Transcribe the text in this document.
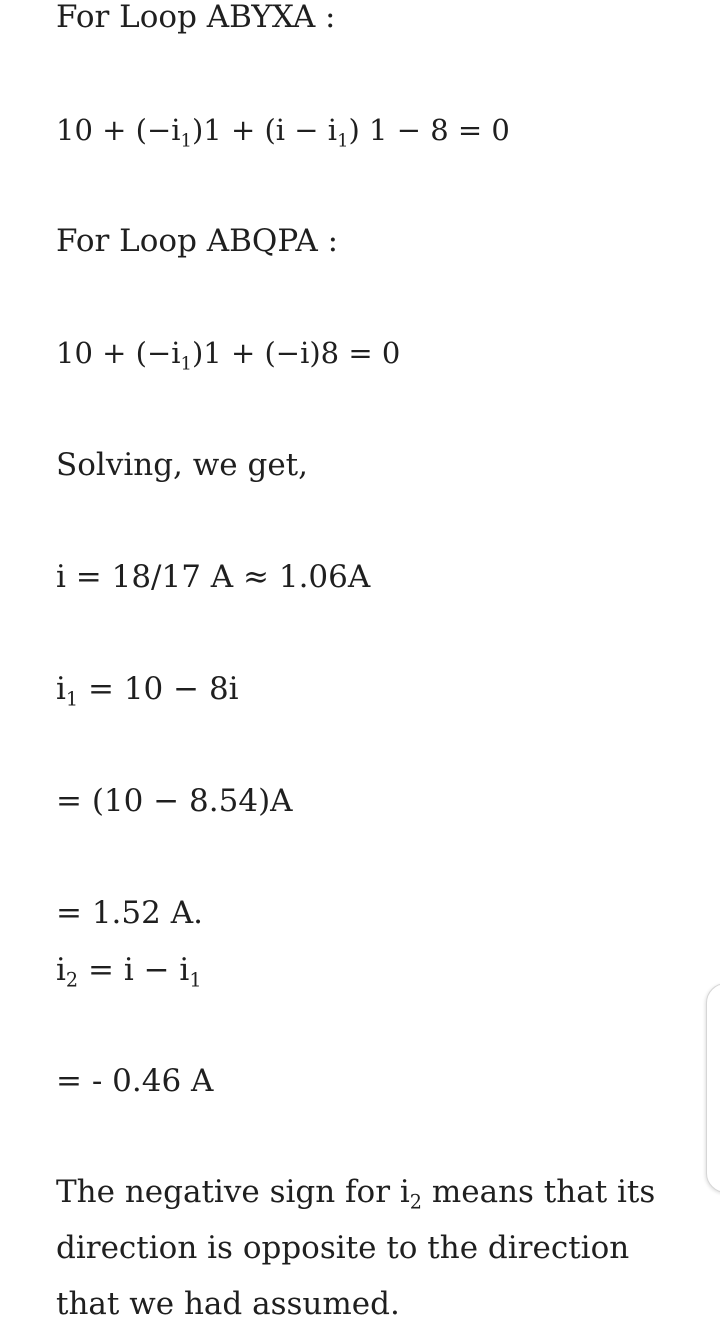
For Loop ABYXA :
$10 + (-i_1)1 + (i - i_1) 1 - 8 = 0$
For Loop ABQPA :
$10 + (-i_1)1 + (-i)8 = 0$
Solving, we get,
i = 18/17 A ≈ 1.06A
$i_1 = 10 - 8i$
= (10 − 8.54)A
= 1.52 A.
$i_2 = i - i_1$
= - 0.46 A
The negative sign for $i_2$ means that its direction is opposite to the direction that we had assumed.
